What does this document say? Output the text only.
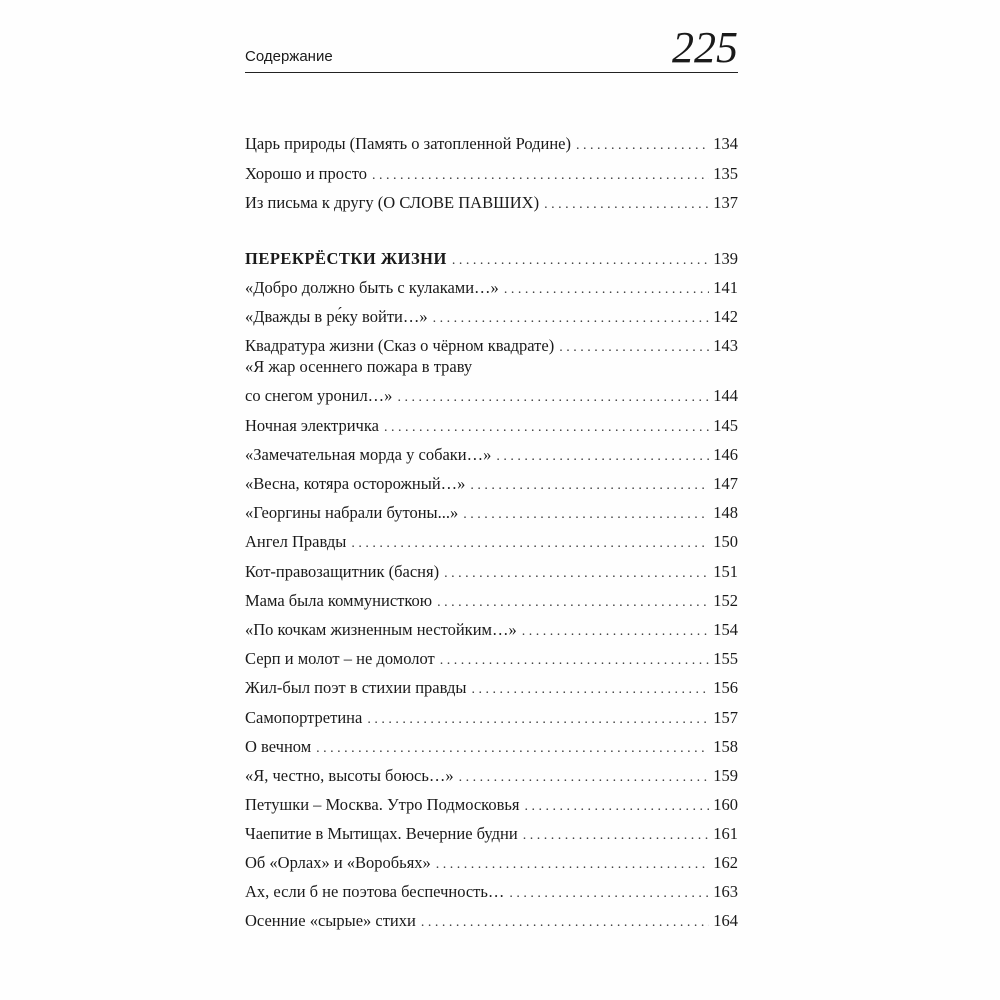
Содержание	225
Царь природы (Память о затопленной Родине) . . .	134
Хорошо и просто . . .	135
Из письма к другу (О СЛОВЕ ПАВШИХ) . . .	137
ПЕРЕКРЁСТКИ ЖИЗНИ . . .	139
«Добро должно быть с кулаками…» . . .	141
«Дважды в ре́ку войти…» . . .	142
Квадратура жизни (Сказ о чёрном квадрате) . . .	143
«Я жар осеннего пожара в траву
со снегом уронил…» . . .	144
Ночная электричка . . .	145
«Замечательная морда у собаки…» . . .	146
«Весна, котяра осторожный…» . . .	147
«Георгины набрали бутоны...» . . .	148
Ангел Правды . . .	150
Кот-правозащитник (басня) . . .	151
Мама была коммунисткою . . .	152
«По кочкам жизненным нестойким…» . . .	154
Серп и молот – не домолот . . .	155
Жил-был поэт в стихии правды . . .	156
Самопортретина . . .	157
О вечном . . .	158
«Я, честно, высоты боюсь…» . . .	159
Петушки – Москва. Утро Подмосковья . . .	160
Чаепитие в Мытищах. Вечерние будни . . .	161
Об «Орлах» и «Воробьях» . . .	162
Ах, если б не поэтова беспечность… . . .	163
Осенние «сырые» стихи . . .	164
